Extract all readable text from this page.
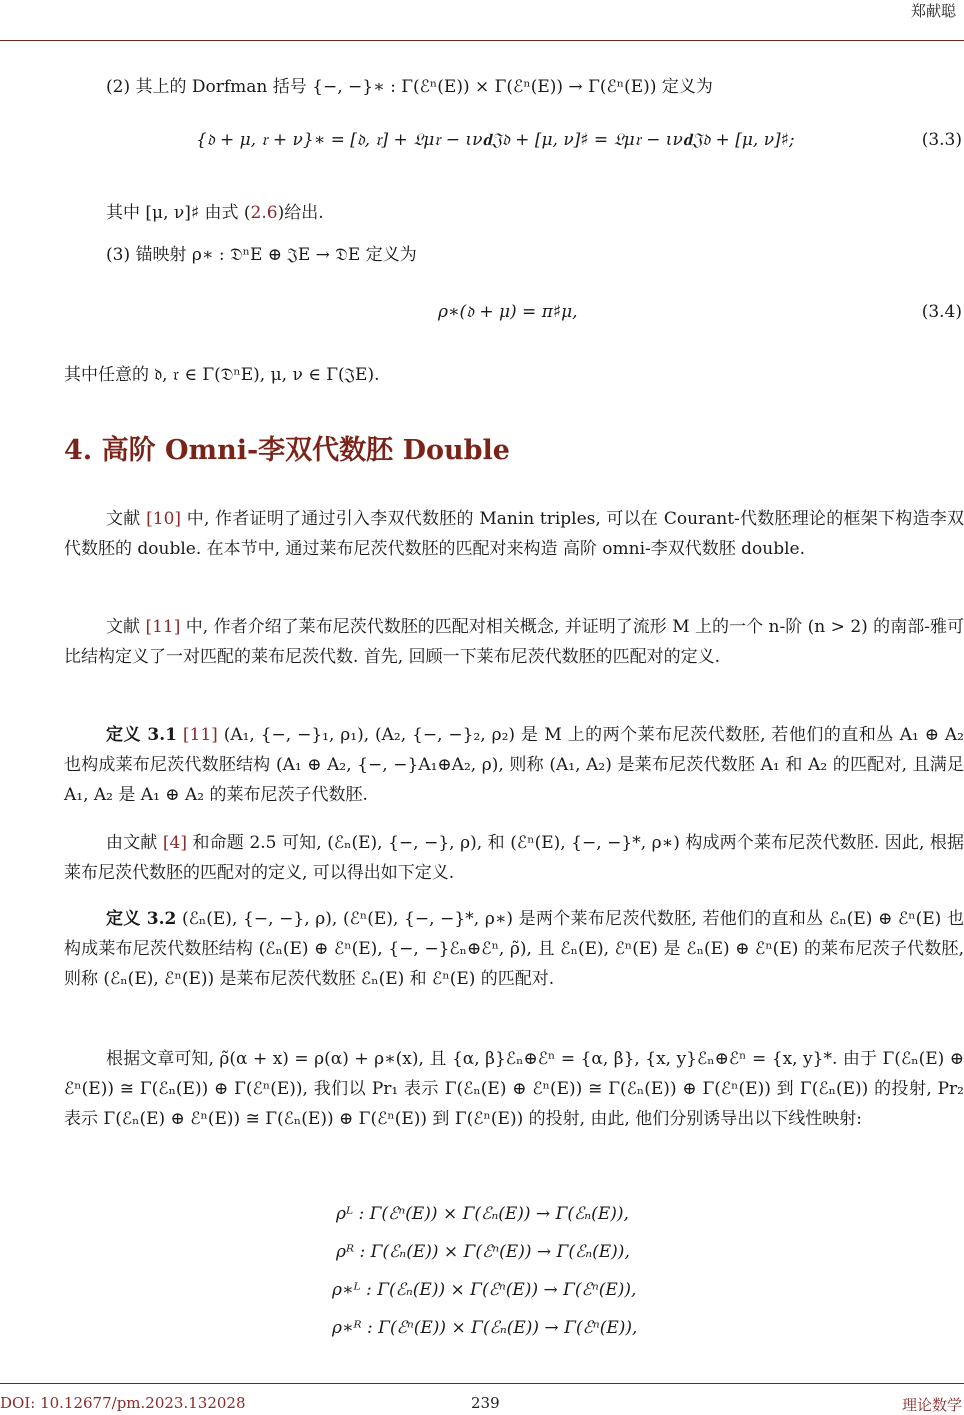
郑献聪
(2) 其上的 Dorfman 括号 {−, −}∗ : Γ(ℰⁿ(E)) × Γ(ℰⁿ(E)) → Γ(ℰⁿ(E)) 定义为
{𝔡 + μ, 𝔯 + ν}∗ = [𝔡, 𝔯] + 𝔏μ𝔯 − ιν𝐝𝔍𝔡 + [μ, ν]♯ = 𝔏μ𝔯 − ιν𝐝𝔍𝔡 + [μ, ν]♯;	(3.3)
其中 [μ, ν]♯ 由式 (2.6)给出.
(3) 锚映射 ρ∗ : 𝔇ⁿE ⊕ 𝔍E → 𝔇E 定义为
ρ∗(𝔡 + μ) = π♯μ,	(3.4)
其中任意的 𝔡, 𝔯 ∈ Γ(𝔇ⁿE), μ, ν ∈ Γ(𝔍E).
4. 高阶 Omni-李双代数胚 Double

文献 [10] 中, 作者证明了通过引入李双代数胚的 Manin triples, 可以在 Courant-代数胚理论的框架下构造李双代数胚的 double. 在本节中, 通过莱布尼茨代数胚的匹配对来构造 高阶 omni-李双代数胚 double.

文献 [11] 中, 作者介绍了莱布尼茨代数胚的匹配对相关概念, 并证明了流形 M 上的一个 n-阶 (n > 2) 的南部-雅可比结构定义了一对匹配的莱布尼茨代数. 首先, 回顾一下莱布尼茨代数胚的匹配对的定义.

定义 3.1 [11] (A₁, {−, −}₁, ρ₁), (A₂, {−, −}₂, ρ₂) 是 M 上的两个莱布尼茨代数胚, 若他们的直和丛 A₁ ⊕ A₂ 也构成莱布尼茨代数胚结构 (A₁ ⊕ A₂, {−, −}A₁⊕A₂, ρ), 则称 (A₁, A₂) 是莱布尼茨代数胚 A₁ 和 A₂ 的匹配对, 且满足 A₁, A₂ 是 A₁ ⊕ A₂ 的莱布尼茨子代数胚.

由文献 [4] 和命题 2.5 可知, (ℰₙ(E), {−, −}, ρ), 和 (ℰⁿ(E), {−, −}*, ρ∗) 构成两个莱布尼茨代数胚. 因此, 根据莱布尼茨代数胚的匹配对的定义, 可以得出如下定义.

定义 3.2 (ℰₙ(E), {−, −}, ρ), (ℰⁿ(E), {−, −}*, ρ∗) 是两个莱布尼茨代数胚, 若他们的直和丛 ℰₙ(E) ⊕ ℰⁿ(E) 也构成莱布尼茨代数胚结构 (ℰₙ(E) ⊕ ℰⁿ(E), {−, −}ℰₙ⊕ℰⁿ, ρ̃), 且 ℰₙ(E), ℰⁿ(E) 是 ℰₙ(E) ⊕ ℰⁿ(E) 的莱布尼茨子代数胚, 则称 (ℰₙ(E), ℰⁿ(E)) 是莱布尼茨代数胚 ℰₙ(E) 和 ℰⁿ(E) 的匹配对.

根据文章可知, ρ̃(α + x) = ρ(α) + ρ∗(x), 且 {α, β}ℰₙ⊕ℰⁿ = {α, β}, {x, y}ℰₙ⊕ℰⁿ = {x, y}*. 由于 Γ(ℰₙ(E) ⊕ ℰⁿ(E)) ≅ Γ(ℰₙ(E)) ⊕ Γ(ℰⁿ(E)), 我们以 Pr₁ 表示 Γ(ℰₙ(E) ⊕ ℰⁿ(E)) ≅ Γ(ℰₙ(E)) ⊕ Γ(ℰⁿ(E)) 到 Γ(ℰₙ(E)) 的投射, Pr₂ 表示 Γ(ℰₙ(E) ⊕ ℰⁿ(E)) ≅ Γ(ℰₙ(E)) ⊕ Γ(ℰⁿ(E)) 到 Γ(ℰⁿ(E)) 的投射, 由此, 他们分别诱导出以下线性映射:

ρᴸ : Γ(ℰⁿ(E)) × Γ(ℰₙ(E)) → Γ(ℰₙ(E)),
ρᴿ : Γ(ℰₙ(E)) × Γ(ℰⁿ(E)) → Γ(ℰₙ(E)),
ρ∗ᴸ : Γ(ℰₙ(E)) × Γ(ℰⁿ(E)) → Γ(ℰⁿ(E)),
ρ∗ᴿ : Γ(ℰⁿ(E)) × Γ(ℰₙ(E)) → Γ(ℰⁿ(E)),
DOI: 10.12677/pm.2023.132028	239	理论数学
